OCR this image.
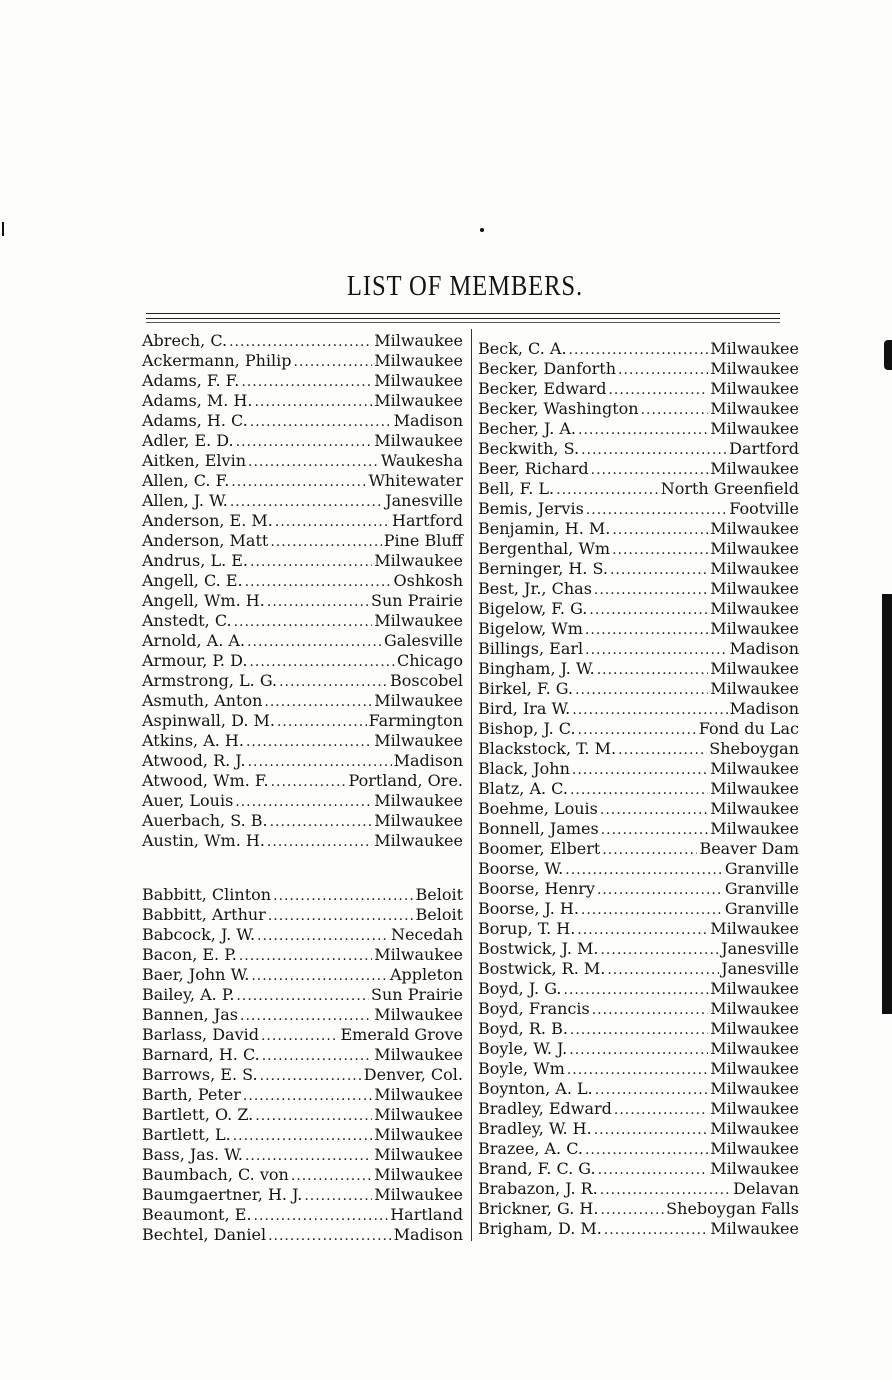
LIST OF MEMBERS.
Abrech, C. .....	Milwaukee
Ackermann, Philip .....	Milwaukee
Adams, F. F. .....	Milwaukee
Adams, M. H. .....	Milwaukee
Adams, H. C. .....	Madison
Adler, E. D. .....	Milwaukee
Aitken, Elvin .....	Waukesha
Allen, C. F. .....	Whitewater
Allen, J. W. .....	Janesville
Anderson, E. M. .....	Hartford
Anderson, Matt .....	Pine Bluff
Andrus, L. E. .....	Milwaukee
Angell, C. E. .....	Oshkosh
Angell, Wm. H. .....	Sun Prairie
Anstedt, C. .....	Milwaukee
Arnold, A. A. .....	Galesville
Armour, P. D. .....	Chicago
Armstrong, L. G. .....	Boscobel
Asmuth, Anton .....	Milwaukee
Aspinwall, D. M. .....	Farmington
Atkins, A. H. .....	Milwaukee
Atwood, R. J. .....	Madison
Atwood, Wm. F. .....	Portland, Ore.
Auer, Louis .....	Milwaukee
Auerbach, S. B. .....	Milwaukee
Austin, Wm. H. .....	Milwaukee
Babbitt, Clinton .....	Beloit
Babbitt, Arthur .....	Beloit
Babcock, J. W. .....	Necedah
Bacon, E. P. .....	Milwaukee
Baer, John W. .....	Appleton
Bailey, A. P. .....	Sun Prairie
Bannen, Jas .....	Milwaukee
Barlass, David .....	Emerald Grove
Barnard, H. C. .....	Milwaukee
Barrows, E. S. .....	Denver, Col.
Barth, Peter .....	Milwaukee
Bartlett, O. Z. .....	Milwaukee
Bartlett, L. .....	Milwaukee
Bass, Jas. W. .....	Milwaukee
Baumbach, C. von .....	Milwaukee
Baumgaertner, H. J. .....	Milwaukee
Beaumont, E. .....	Hartland
Bechtel, Daniel .....	Madison
Beck, C. A. .....	Milwaukee
Becker, Danforth .....	Milwaukee
Becker, Edward .....	Milwaukee
Becker, Washington .....	Milwaukee
Becher, J. A. .....	Milwaukee
Beckwith, S. .....	Dartford
Beer, Richard .....	Milwaukee
Bell, F. L. .....	North Greenfield
Bemis, Jervis .....	Footville
Benjamin, H. M. .....	Milwaukee
Bergenthal, Wm .....	Milwaukee
Berninger, H. S. .....	Milwaukee
Best, Jr., Chas .....	Milwaukee
Bigelow, F. G. .....	Milwaukee
Bigelow, Wm .....	Milwaukee
Billings, Earl .....	Madison
Bingham, J. W. .....	Milwaukee
Birkel, F. G. .....	Milwaukee
Bird, Ira W. .....	Madison
Bishop, J. C. .....	Fond du Lac
Blackstock, T. M. .....	Sheboygan
Black, John .....	Milwaukee
Blatz, A. C. .....	Milwaukee
Boehme, Louis .....	Milwaukee
Bonnell, James .....	Milwaukee
Boomer, Elbert .....	Beaver Dam
Boorse, W. .....	Granville
Boorse, Henry .....	Granville
Boorse, J. H. .....	Granville
Borup, T. H. .....	Milwaukee
Bostwick, J. M. .....	Janesville
Bostwick, R. M. .....	Janesville
Boyd, J. G. .....	Milwaukee
Boyd, Francis .....	Milwaukee
Boyd, R. B. .....	Milwaukee
Boyle, W. J. .....	Milwaukee
Boyle, Wm .....	Milwaukee
Boynton, A. L. .....	Milwaukee
Bradley, Edward .....	Milwaukee
Bradley, W. H. .....	Milwaukee
Brazee, A. C. .....	Milwaukee
Brand, F. C. G. .....	Milwaukee
Brabazon, J. R. .....	Delavan
Brickner, G. H. .....	Sheboygan Falls
Brigham, D. M. .....	Milwaukee
